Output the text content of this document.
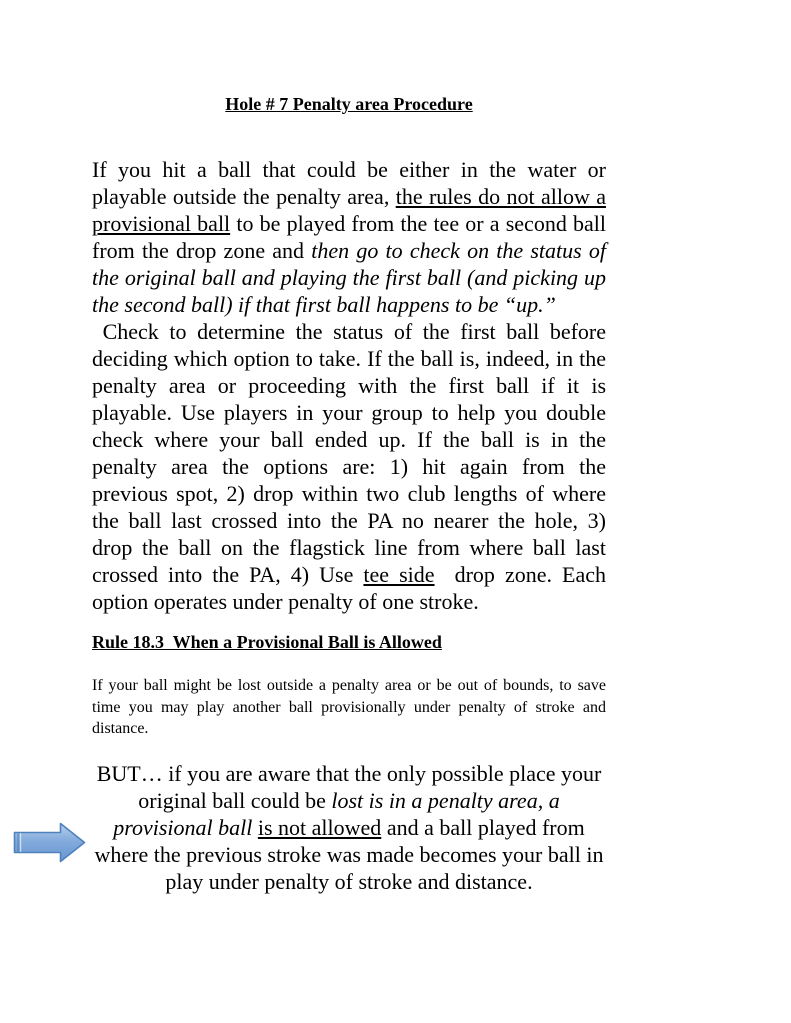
Hole # 7 Penalty area Procedure

If you hit a ball that could be either in the water or playable outside the penalty area, the rules do not allow a provisional ball to be played from the tee or a second ball from the drop zone and then go to check on the status of the original ball and playing the first ball (and picking up the second ball) if that first ball happens to be “up.”

Check to determine the status of the first ball before deciding which option to take. If the ball is, indeed, in the penalty area or proceeding with the first ball if it is playable. Use players in your group to help you double check where your ball ended up. If the ball is in the penalty area the options are: 1) hit again from the previous spot, 2) drop within two club lengths of where the ball last crossed into the PA no nearer the hole, 3) drop the ball on the flagstick line from where ball last crossed into the PA, 4) Use tee side  drop zone. Each option operates under penalty of one stroke.

Rule 18.3  When a Provisional Ball is Allowed
If your ball might be lost outside a penalty area or be out of bounds, to save time you may play another ball provisionally under penalty of stroke and distance.
BUT… if you are aware that the only possible place your original ball could be lost is in a penalty area, a provisional ball is not allowed and a ball played from where the previous stroke was made becomes your ball in play under penalty of stroke and distance.
